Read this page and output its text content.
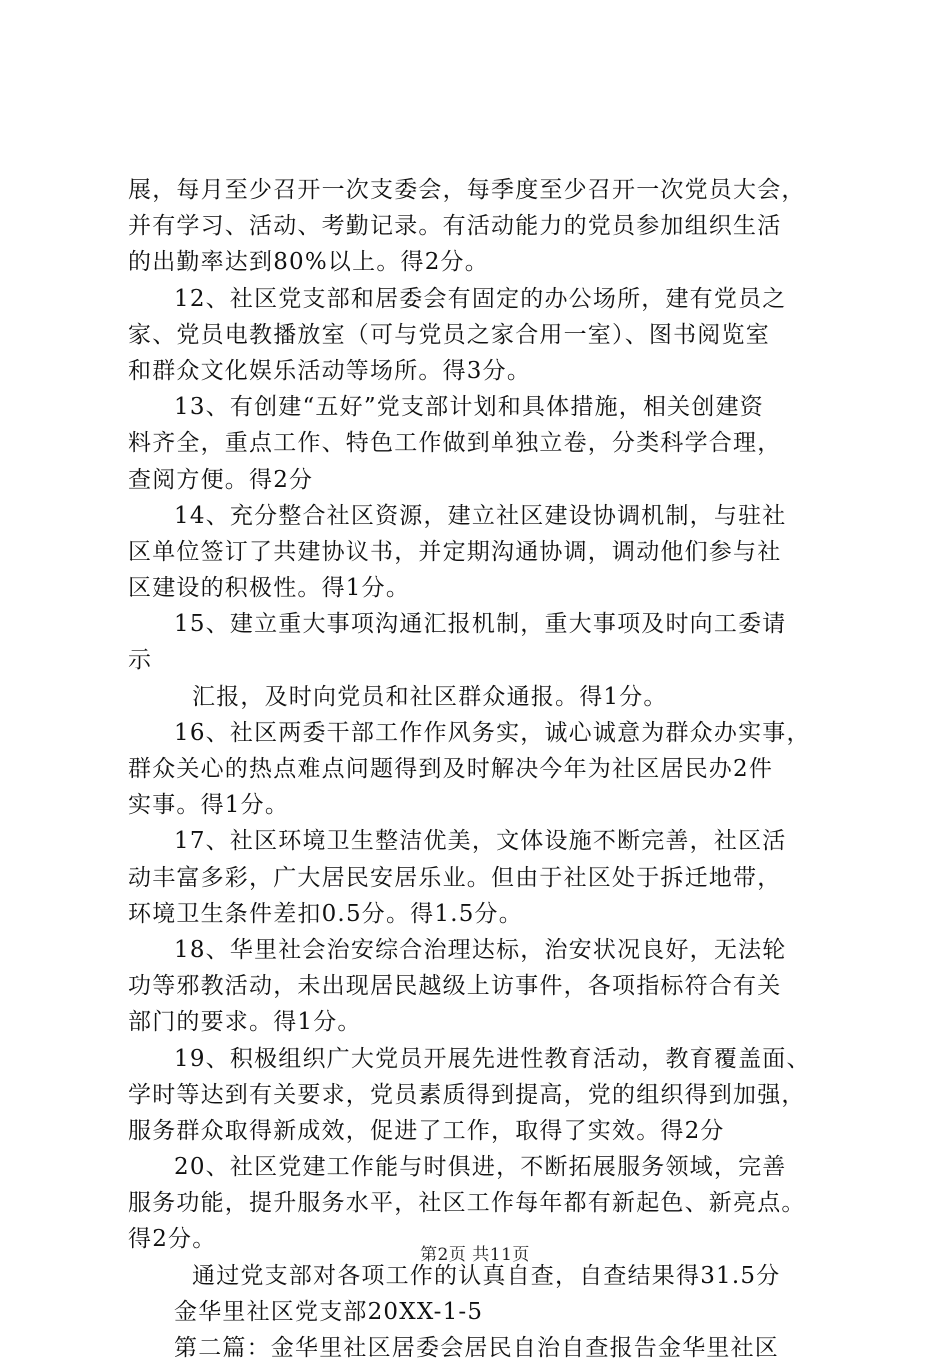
展，每月至少召开一次支委会，每季度至少召开一次党员大会，
并有学习、活动、考勤记录。有活动能力的党员参加组织生活
的出勤率达到80%以上。得2分。
12、社区党支部和居委会有固定的办公场所，建有党员之
家、党员电教播放室（可与党员之家合用一室）、图书阅览室
和群众文化娱乐活动等场所。得3分。
13、有创建“五好”党支部计划和具体措施，相关创建资
料齐全，重点工作、特色工作做到单独立卷，分类科学合理，
查阅方便。得2分
14、充分整合社区资源，建立社区建设协调机制，与驻社
区单位签订了共建协议书，并定期沟通协调，调动他们参与社
区建设的积极性。得1分。
15、建立重大事项沟通汇报机制，重大事项及时向工委请
示
汇报，及时向党员和社区群众通报。得1分。
16、社区两委干部工作作风务实，诚心诚意为群众办实事，
群众关心的热点难点问题得到及时解决今年为社区居民办2件
实事。得1分。
17、社区环境卫生整洁优美，文体设施不断完善，社区活
动丰富多彩，广大居民安居乐业。但由于社区处于拆迁地带，
环境卫生条件差扣0.5分。得1.5分。
18、华里社会治安综合治理达标，治安状况良好，无法轮
功等邪教活动，未出现居民越级上访事件，各项指标符合有关
部门的要求。得1分。
19、积极组织广大党员开展先进性教育活动，教育覆盖面、
学时等达到有关要求，党员素质得到提高，党的组织得到加强，
服务群众取得新成效，促进了工作，取得了实效。得2分
20、社区党建工作能与时俱进，不断拓展服务领域，完善
服务功能，提升服务水平，社区工作每年都有新起色、新亮点。
得2分。
通过党支部对各项工作的认真自查，自查结果得31.5分
金华里社区党支部20XX-1-5
第二篇：金华里社区居委会居民自治自查报告金华里社区
第2页 共11页
